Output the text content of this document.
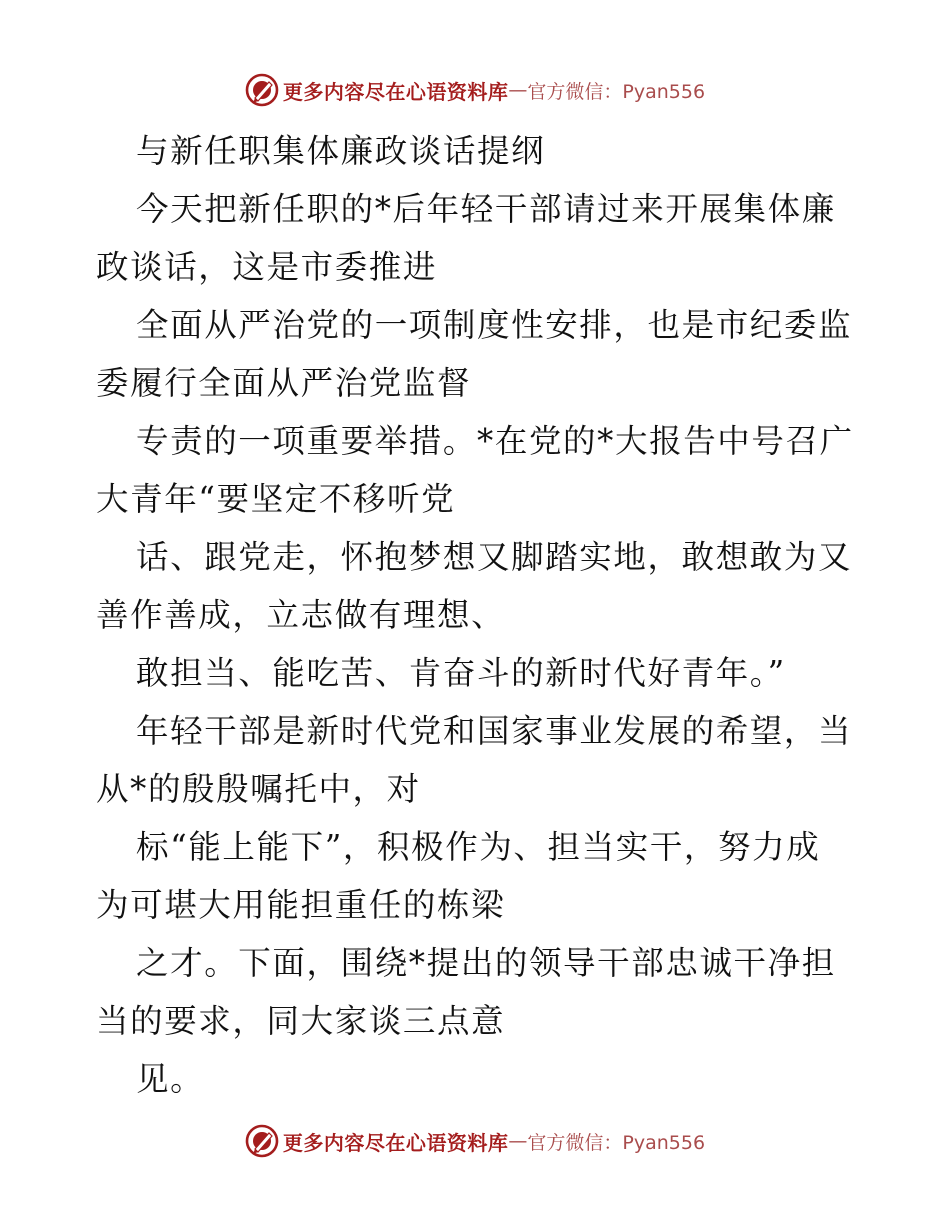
更多内容尽在心语资料库 — 官方微信：Pyan556
与新任职集体廉政谈话提纲
今天把新任职的*后年轻干部请过来开展集体廉
政谈话，这是市委推进
全面从严治党的一项制度性安排，也是市纪委监
委履行全面从严治党监督
专责的一项重要举措。*在党的*大报告中号召广
大青年“要坚定不移听党
话、跟党走，怀抱梦想又脚踏实地，敢想敢为又
善作善成，立志做有理想、
敢担当、能吃苦、肯奋斗的新时代好青年。”
年轻干部是新时代党和国家事业发展的希望，当
从*的殷殷嘱托中，对
标“能上能下”，积极作为、担当实干，努力成
为可堪大用能担重任的栋梁
之才。下面，围绕*提出的领导干部忠诚干净担
当的要求，同大家谈三点意
见。
更多内容尽在心语资料库 — 官方微信：Pyan556
